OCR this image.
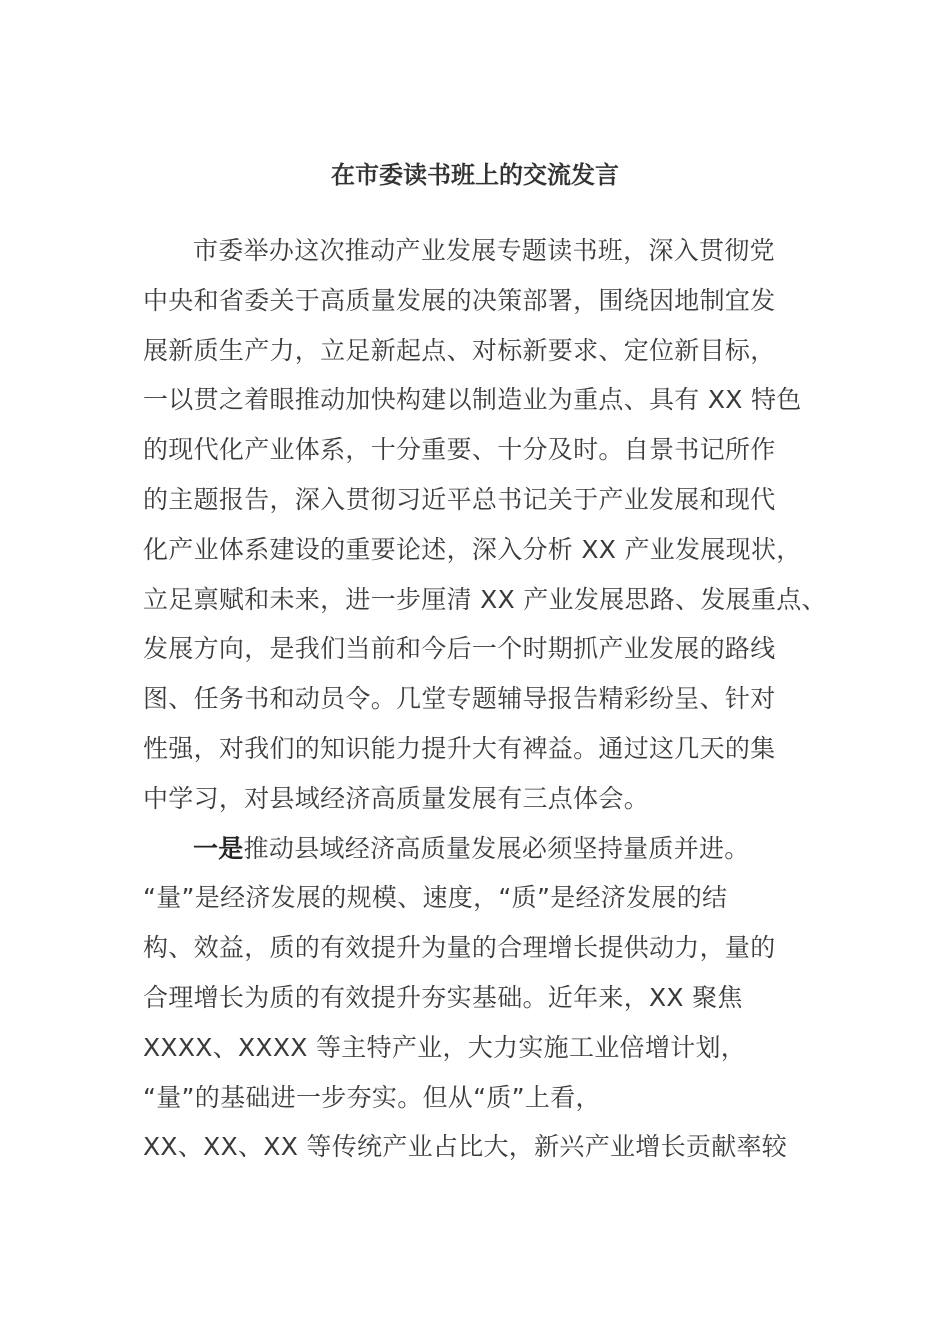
在市委读书班上的交流发言
市委举办这次推动产业发展专题读书班，深入贯彻党
中央和省委关于高质量发展的决策部署，围绕因地制宜发
展新质生产力，立足新起点、对标新要求、定位新目标，
一以贯之着眼推动加快构建以制造业为重点、具有 XX 特色
的现代化产业体系，十分重要、十分及时。自景书记所作
的主题报告，深入贯彻习近平总书记关于产业发展和现代
化产业体系建设的重要论述，深入分析 XX 产业发展现状，
立足禀赋和未来，进一步厘清 XX 产业发展思路、发展重点、
发展方向，是我们当前和今后一个时期抓产业发展的路线
图、任务书和动员令。几堂专题辅导报告精彩纷呈、针对
性强，对我们的知识能力提升大有裨益。通过这几天的集
中学习，对县域经济高质量发展有三点体会。
一是推动县域经济高质量发展必须坚持量质并进。
“量”是经济发展的规模、速度，“质”是经济发展的结
构、效益，质的有效提升为量的合理增长提供动力，量的
合理增长为质的有效提升夯实基础。近年来，XX 聚焦
XXXX、XXXX 等主特产业，大力实施工业倍增计划，
“量”的基础进一步夯实。但从“质”上看，
XX、XX、XX 等传统产业占比大，新兴产业增长贡献率较
